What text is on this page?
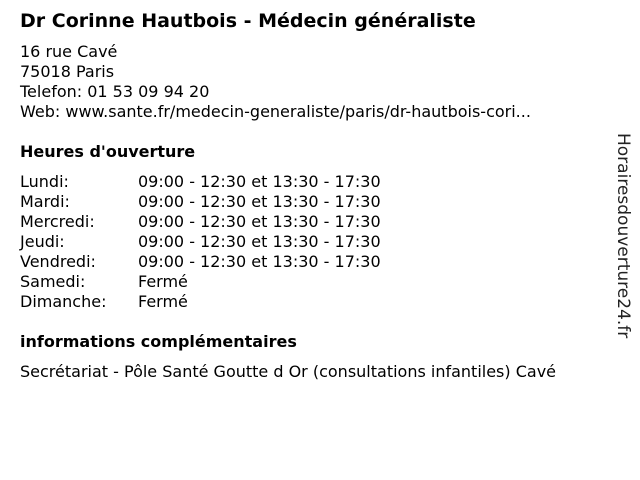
Dr Corinne Hautbois - Médecin généraliste
16 rue Cavé
75018 Paris
Telefon: 01 53 09 94 20
Web: www.sante.fr/medecin-generaliste/paris/dr-hautbois-cori...
Heures d'ouverture
Lundi:	09:00 - 12:30 et 13:30 - 17:30
Mardi:	09:00 - 12:30 et 13:30 - 17:30
Mercredi:	09:00 - 12:30 et 13:30 - 17:30
Jeudi:	09:00 - 12:30 et 13:30 - 17:30
Vendredi:	09:00 - 12:30 et 13:30 - 17:30
Samedi:	Fermé
Dimanche:	Fermé
informations complémentaires
Secrétariat - Pôle Santé Goutte d Or (consultations infantiles) Cavé
Horairesdouverture24.fr
